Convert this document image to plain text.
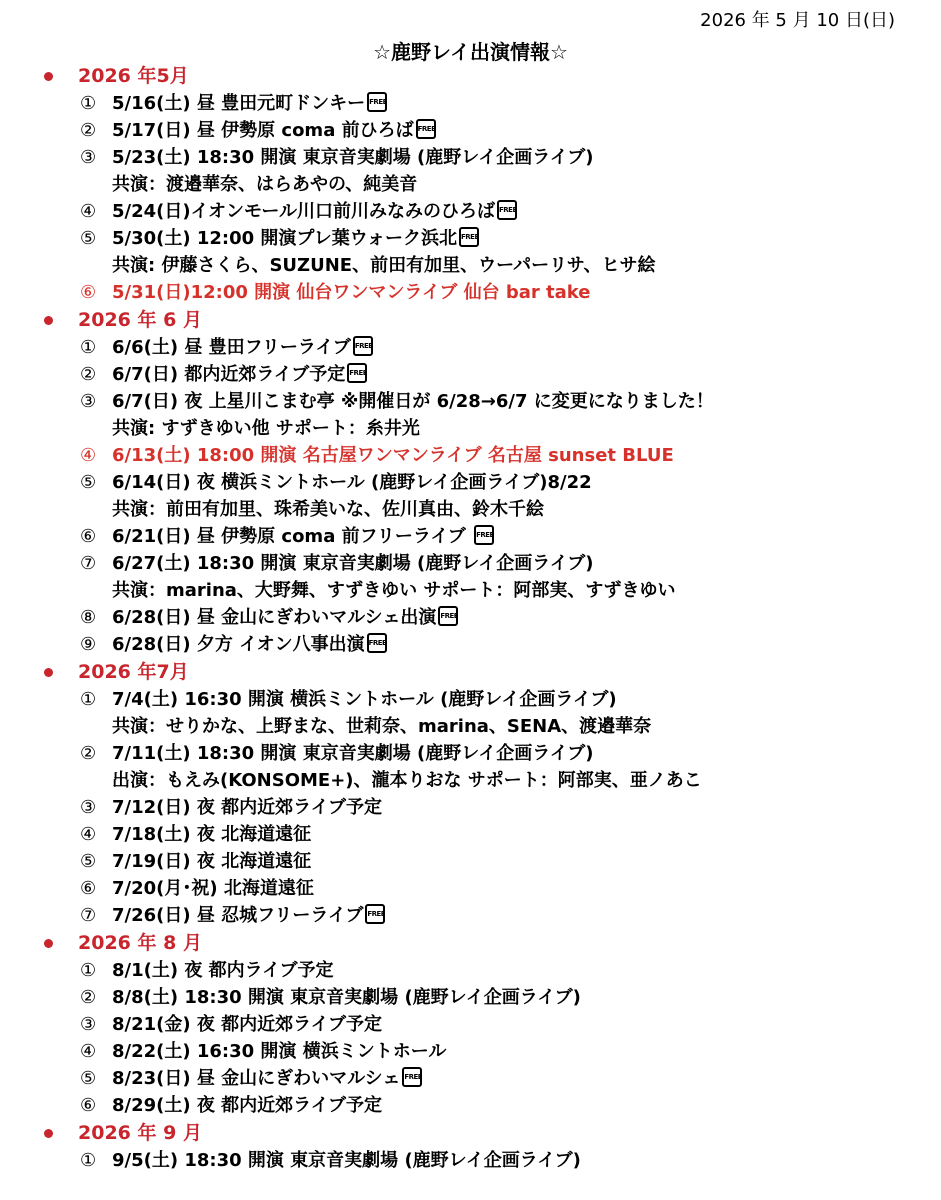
2026 年 5 月 10 日(日)
☆鹿野レイ出演情報☆
2026 年5月
① 5/16(土) 昼 豊田元町ドンキー FREE
② 5/17(日) 昼 伊勢原 coma 前ひろば FREE
③ 5/23(土) 18:30 開演 東京音実劇場 (鹿野レイ企画ライブ)
共演：渡邉華奈、はらあやの、純美音
④ 5/24(日)イオンモール川口前川みなみのひろば FREE
⑤ 5/30(土) 12:00 開演プレ葉ウォーク浜北 FREE
共演: 伊藤さくら、SUZUNE、前田有加里、ウーパーリサ、ヒサ絵
⑥ 5/31(日)12:00 開演 仙台ワンマンライブ 仙台 bar take
2026 年 6 月
① 6/6(土) 昼 豊田フリーライブ FREE
② 6/7(日) 都内近郊ライブ予定 FREE
③ 6/7(日) 夜 上星川こまむ亭 ※開催日が 6/28→6/7 に変更になりました！
共演: すずきゆい他 サポート：糸井光
④ 6/13(土) 18:00 開演 名古屋ワンマンライブ 名古屋 sunset BLUE
⑤ 6/14(日) 夜 横浜ミントホール (鹿野レイ企画ライブ)8/22
共演：前田有加里、珠希美いな、佐川真由、鈴木千絵
⑥ 6/21(日) 昼 伊勢原 coma 前フリーライブ FREE
⑦ 6/27(土) 18:30 開演 東京音実劇場 (鹿野レイ企画ライブ)
共演：marina、大野舞、すずきゆい サポート：阿部実、すずきゆい
⑧ 6/28(日) 昼 金山にぎわいマルシェ出演 FREE
⑨ 6/28(日) 夕方 イオン八事出演 FREE
2026 年7月
① 7/4(土) 16:30 開演 横浜ミントホール (鹿野レイ企画ライブ)
共演：せりかな、上野まな、世莉奈、marina、SENA、渡邉華奈
② 7/11(土) 18:30 開演 東京音実劇場 (鹿野レイ企画ライブ)
出演：もえみ(KONSOME+)、瀧本りおな サポート：阿部実、亜ノあこ
③ 7/12(日) 夜 都内近郊ライブ予定
④ 7/18(土) 夜 北海道遠征
⑤ 7/19(日) 夜 北海道遠征
⑥ 7/20(月･祝) 北海道遠征
⑦ 7/26(日) 昼 忍城フリーライブ FREE
2026 年 8 月
① 8/1(土) 夜 都内ライブ予定
② 8/8(土) 18:30 開演 東京音実劇場 (鹿野レイ企画ライブ)
③ 8/21(金) 夜 都内近郊ライブ予定
④ 8/22(土) 16:30 開演 横浜ミントホール
⑤ 8/23(日) 昼 金山にぎわいマルシェ FREE
⑥ 8/29(土) 夜 都内近郊ライブ予定
2026 年 9 月
① 9/5(土) 18:30 開演 東京音実劇場 (鹿野レイ企画ライブ)
